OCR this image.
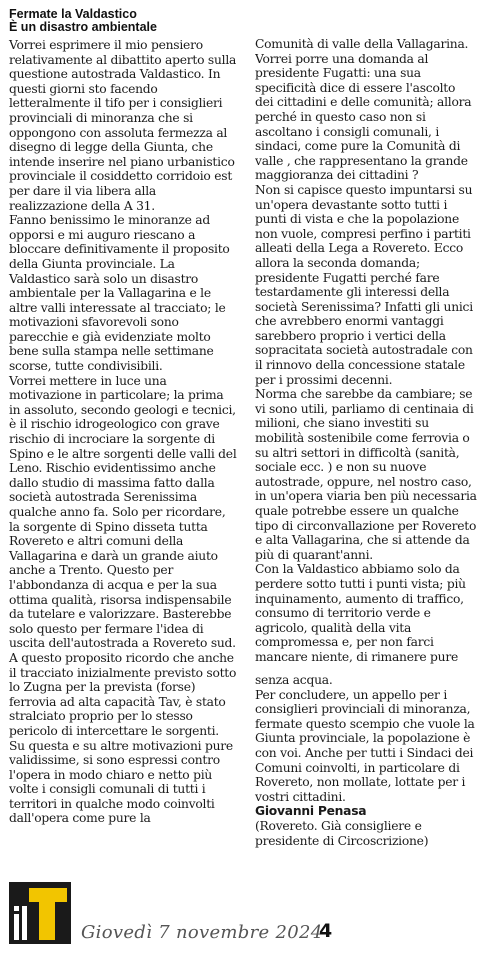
Fermate la Valdastico
È un disastro ambientale

Vorrei esprimere il mio pensiero relativamente al dibattito aperto sulla questione autostrada Valdastico. In questi giorni sto facendo letteralmente il tifo per i consiglieri provinciali di minoranza che si oppongono con assoluta fermezza al disegno di legge della Giunta, che intende inserire nel piano urbanistico provinciale il cosiddetto corridoio est per dare il via libera alla realizzazione della A 31.

Fanno benissimo le minoranze ad opporsi e mi auguro riescano a bloccare definitivamente il proposito della Giunta provinciale. La Valdastico sarà solo un disastro ambientale per la Vallagarina e le altre valli interessate al tracciato; le motivazioni sfavorevoli sono parecchie e già evidenziate molto bene sulla stampa nelle settimane scorse, tutte condivisibili.

Vorrei mettere in luce una motivazione in particolare; la prima in assoluto, secondo geologi e tecnici, è il rischio idrogeologico con grave rischio di incrociare la sorgente di Spino e le altre sorgenti delle valli del Leno. Rischio evidentissimo anche dallo studio di massima fatto dalla società autostrada Serenissima qualche anno fa. Solo per ricordare, la sorgente di Spino disseta tutta Rovereto e altri comuni della Vallagarina e darà un grande aiuto anche a Trento. Questo per l'abbondanza di acqua e per la sua ottima qualità, risorsa indispensabile da tutelare e valorizzare. Basterebbe solo questo per fermare l'idea di uscita dell'autostrada a Rovereto sud.

A questo proposito ricordo che anche il tracciato inizialmente previsto sotto lo Zugna per la prevista (forse) ferrovia ad alta capacità Tav, è stato stralciato proprio per lo stesso pericolo di intercettare le sorgenti.

Su questa e su altre motivazioni pure validissime, si sono espressi contro l'opera in modo chiaro e netto più volte i consigli comunali di tutti i territori in qualche modo coinvolti dall'opera come pure la

Comunità di valle della Vallagarina.

Vorrei porre una domanda al presidente Fugatti: una sua specificità dice di essere l'ascolto dei cittadini e delle comunità; allora perché in questo caso non si ascoltano i consigli comunali, i sindaci, come pure la Comunità di valle , che rappresentano la grande maggioranza dei cittadini ?

Non si capisce questo impuntarsi su un'opera devastante sotto tutti i punti di vista e che la popolazione non vuole, compresi perfino i partiti alleati della Lega a Rovereto. Ecco allora la seconda domanda; presidente Fugatti perché fare testardamente gli interessi della società Serenissima? Infatti gli unici che avrebbero enormi vantaggi sarebbero proprio i vertici della sopracitata società autostradale con il rinnovo della concessione statale per i prossimi decenni.

Norma che sarebbe da cambiare; se vi sono utili, parliamo di centinaia di milioni, che siano investiti su mobilità sostenibile come ferrovia o su altri settori in difficoltà (sanità, sociale ecc. ) e non su nuove autostrade, oppure, nel nostro caso, in un'opera viaria ben più necessaria quale potrebbe essere un qualche tipo di circonvallazione per Rovereto e alta Vallagarina, che si attende da più di quarant'anni.

Con la Valdastico abbiamo solo da perdere sotto tutti i punti vista; più inquinamento, aumento di traffico, consumo di territorio verde e agricolo, qualità della vita compromessa e, per non farci mancare niente, di rimanere pure

senza acqua.

Per concludere, un appello per i consiglieri provinciali di minoranza, fermate questo scempio che vuole la Giunta provinciale, la popolazione è con voi. Anche per tutti i Sindaci dei Comuni coinvolti, in particolare di Rovereto, non mollate, lottate per i vostri cittadini.

Giovanni Penasa

(Rovereto. Già consigliere e presidente di Circoscrizione)

Giovedì 7 novembre 2024
4
